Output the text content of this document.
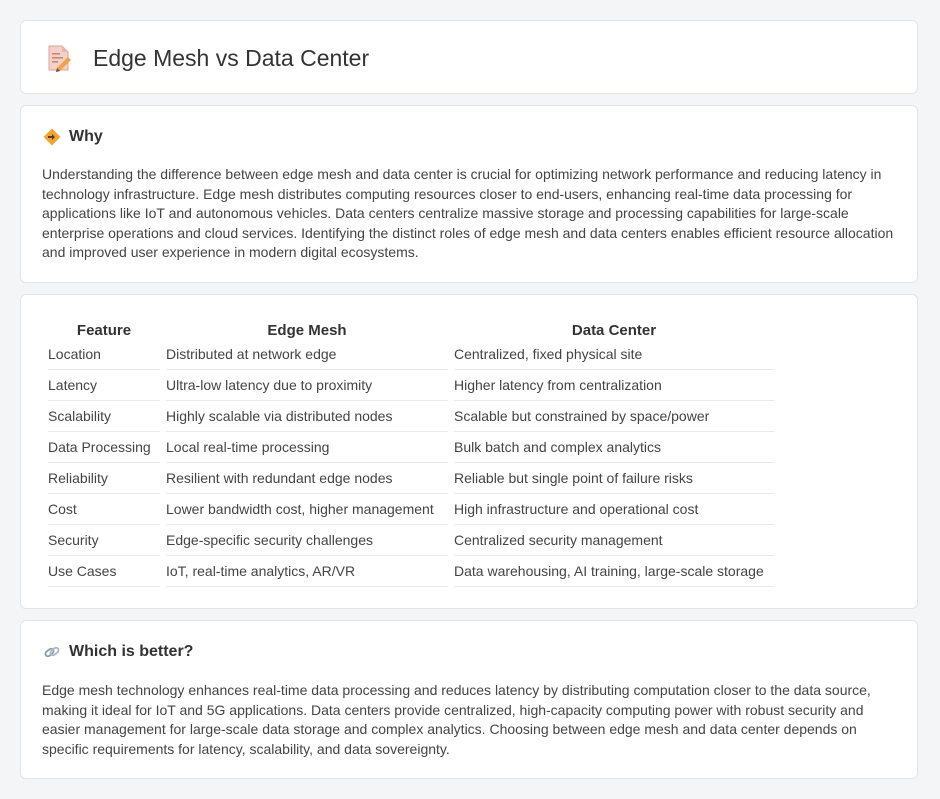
Edge Mesh vs Data Center
Why

Understanding the difference between edge mesh and data center is crucial for optimizing network performance and reducing latency in technology infrastructure. Edge mesh distributes computing resources closer to end-users, enhancing real-time data processing for applications like IoT and autonomous vehicles. Data centers centralize massive storage and processing capabilities for large-scale enterprise operations and cloud services. Identifying the distinct roles of edge mesh and data centers enables efficient resource allocation and improved user experience in modern digital ecosystems.

Feature	Edge Mesh	Data Center
Location	Distributed at network edge	Centralized, fixed physical site
Latency	Ultra-low latency due to proximity	Higher latency from centralization
Scalability	Highly scalable via distributed nodes	Scalable but constrained by space/power
Data Processing	Local real-time processing	Bulk batch and complex analytics
Reliability	Resilient with redundant edge nodes	Reliable but single point of failure risks
Cost	Lower bandwidth cost, higher management	High infrastructure and operational cost
Security	Edge-specific security challenges	Centralized security management
Use Cases	IoT, real-time analytics, AR/VR	Data warehousing, AI training, large-scale storage
Which is better?

Edge mesh technology enhances real-time data processing and reduces latency by distributing computation closer to the data source, making it ideal for IoT and 5G applications. Data centers provide centralized, high-capacity computing power with robust security and easier management for large-scale data storage and complex analytics. Choosing between edge mesh and data center depends on specific requirements for latency, scalability, and data sovereignty.
